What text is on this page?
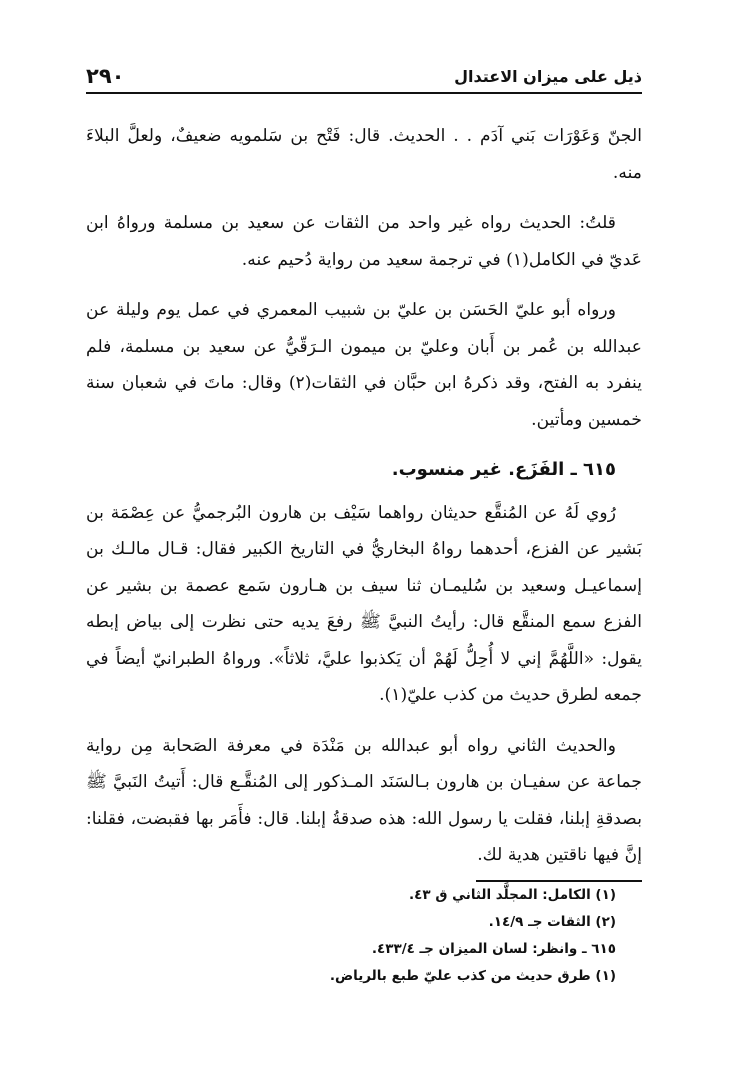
ذيل على ميزان الاعتدال
٢٩٠

الجنّ وَعَوْرَات بَني آدَم . . الحديث. قال: فَتْح بن سَلمويه ضعيفٌ، ولعلَّ البلاءَ منه.

قلتُ: الحديث رواه غير واحد من الثقات عن سعيد بن مسلمة ورواهُ ابن عَديّ في الكامل(١) في ترجمة سعيد من رواية دُحيم عنه.

ورواه أبو عليّ الحَسَن بن عليّ بن شبيب المعمري في عمل يوم وليلة عن عبدالله بن عُمر بن أَبان وعليّ بن ميمون الـرَقّيُّ عن سعيد بن مسلمة، فلم ينفرد به الفتح، وقد ذكرهُ ابن حبَّان في الثقات(٢) وقال: ماتَ في شعبان سنة خمسين ومأتين.

٦١٥ ـ الفَزَع. غير منسوب.

رُوي لَهُ عن المُنقَّع حديثان رواهما سَيْف بن هارون البُرجميُّ عن عِصْمَة بن بَشير عن الفزع، أحدهما رواهُ البخاريُّ في التاريخ الكبير فقال: قـال مالـك بن إسماعيـل وسعيد بن سُليمـان ثنا سيف بن هـارون سَمع عصمة بن بشير عن الفزع سمع المنقَّع قال: رأيتُ النبيَّ ﷺ رفعَ يديه حتى نظرت إلى بياض إبطه يقول: «اللَّهُمَّ إني لا أُحِلُّ لَهُمْ أن يَكذبوا عليَّ، ثلاثاً». ورواهُ الطبرانيّ أيضاً في جمعه لطرق حديث من كذب عليّ(١).

والحديث الثاني رواه أبو عبدالله بن مَنْدَة في معرفة الصَحابة مِن رواية جماعة عن سفيـان بن هارون بـالسَنَد المـذكور إلى المُنقَّـع قال: أَتيتُ النَبيَّ ﷺ بصدقةِ إبلنا، فقلت يا رسول الله: هذه صدقةُ إبلنا. قال: فأَمَر بها فقبضت، فقلنا: إنَّ فيها ناقتين هدية لك.

(١) الكامل: المجلَّد الثاني ق ٤٣.
(٢) الثقات جـ ١٤/٩.
٦١٥ ـ وانظر: لسان الميزان جـ ٤٣٣/٤.
(١) طرق حديث من كذب عليّ طبع بالرياض.
